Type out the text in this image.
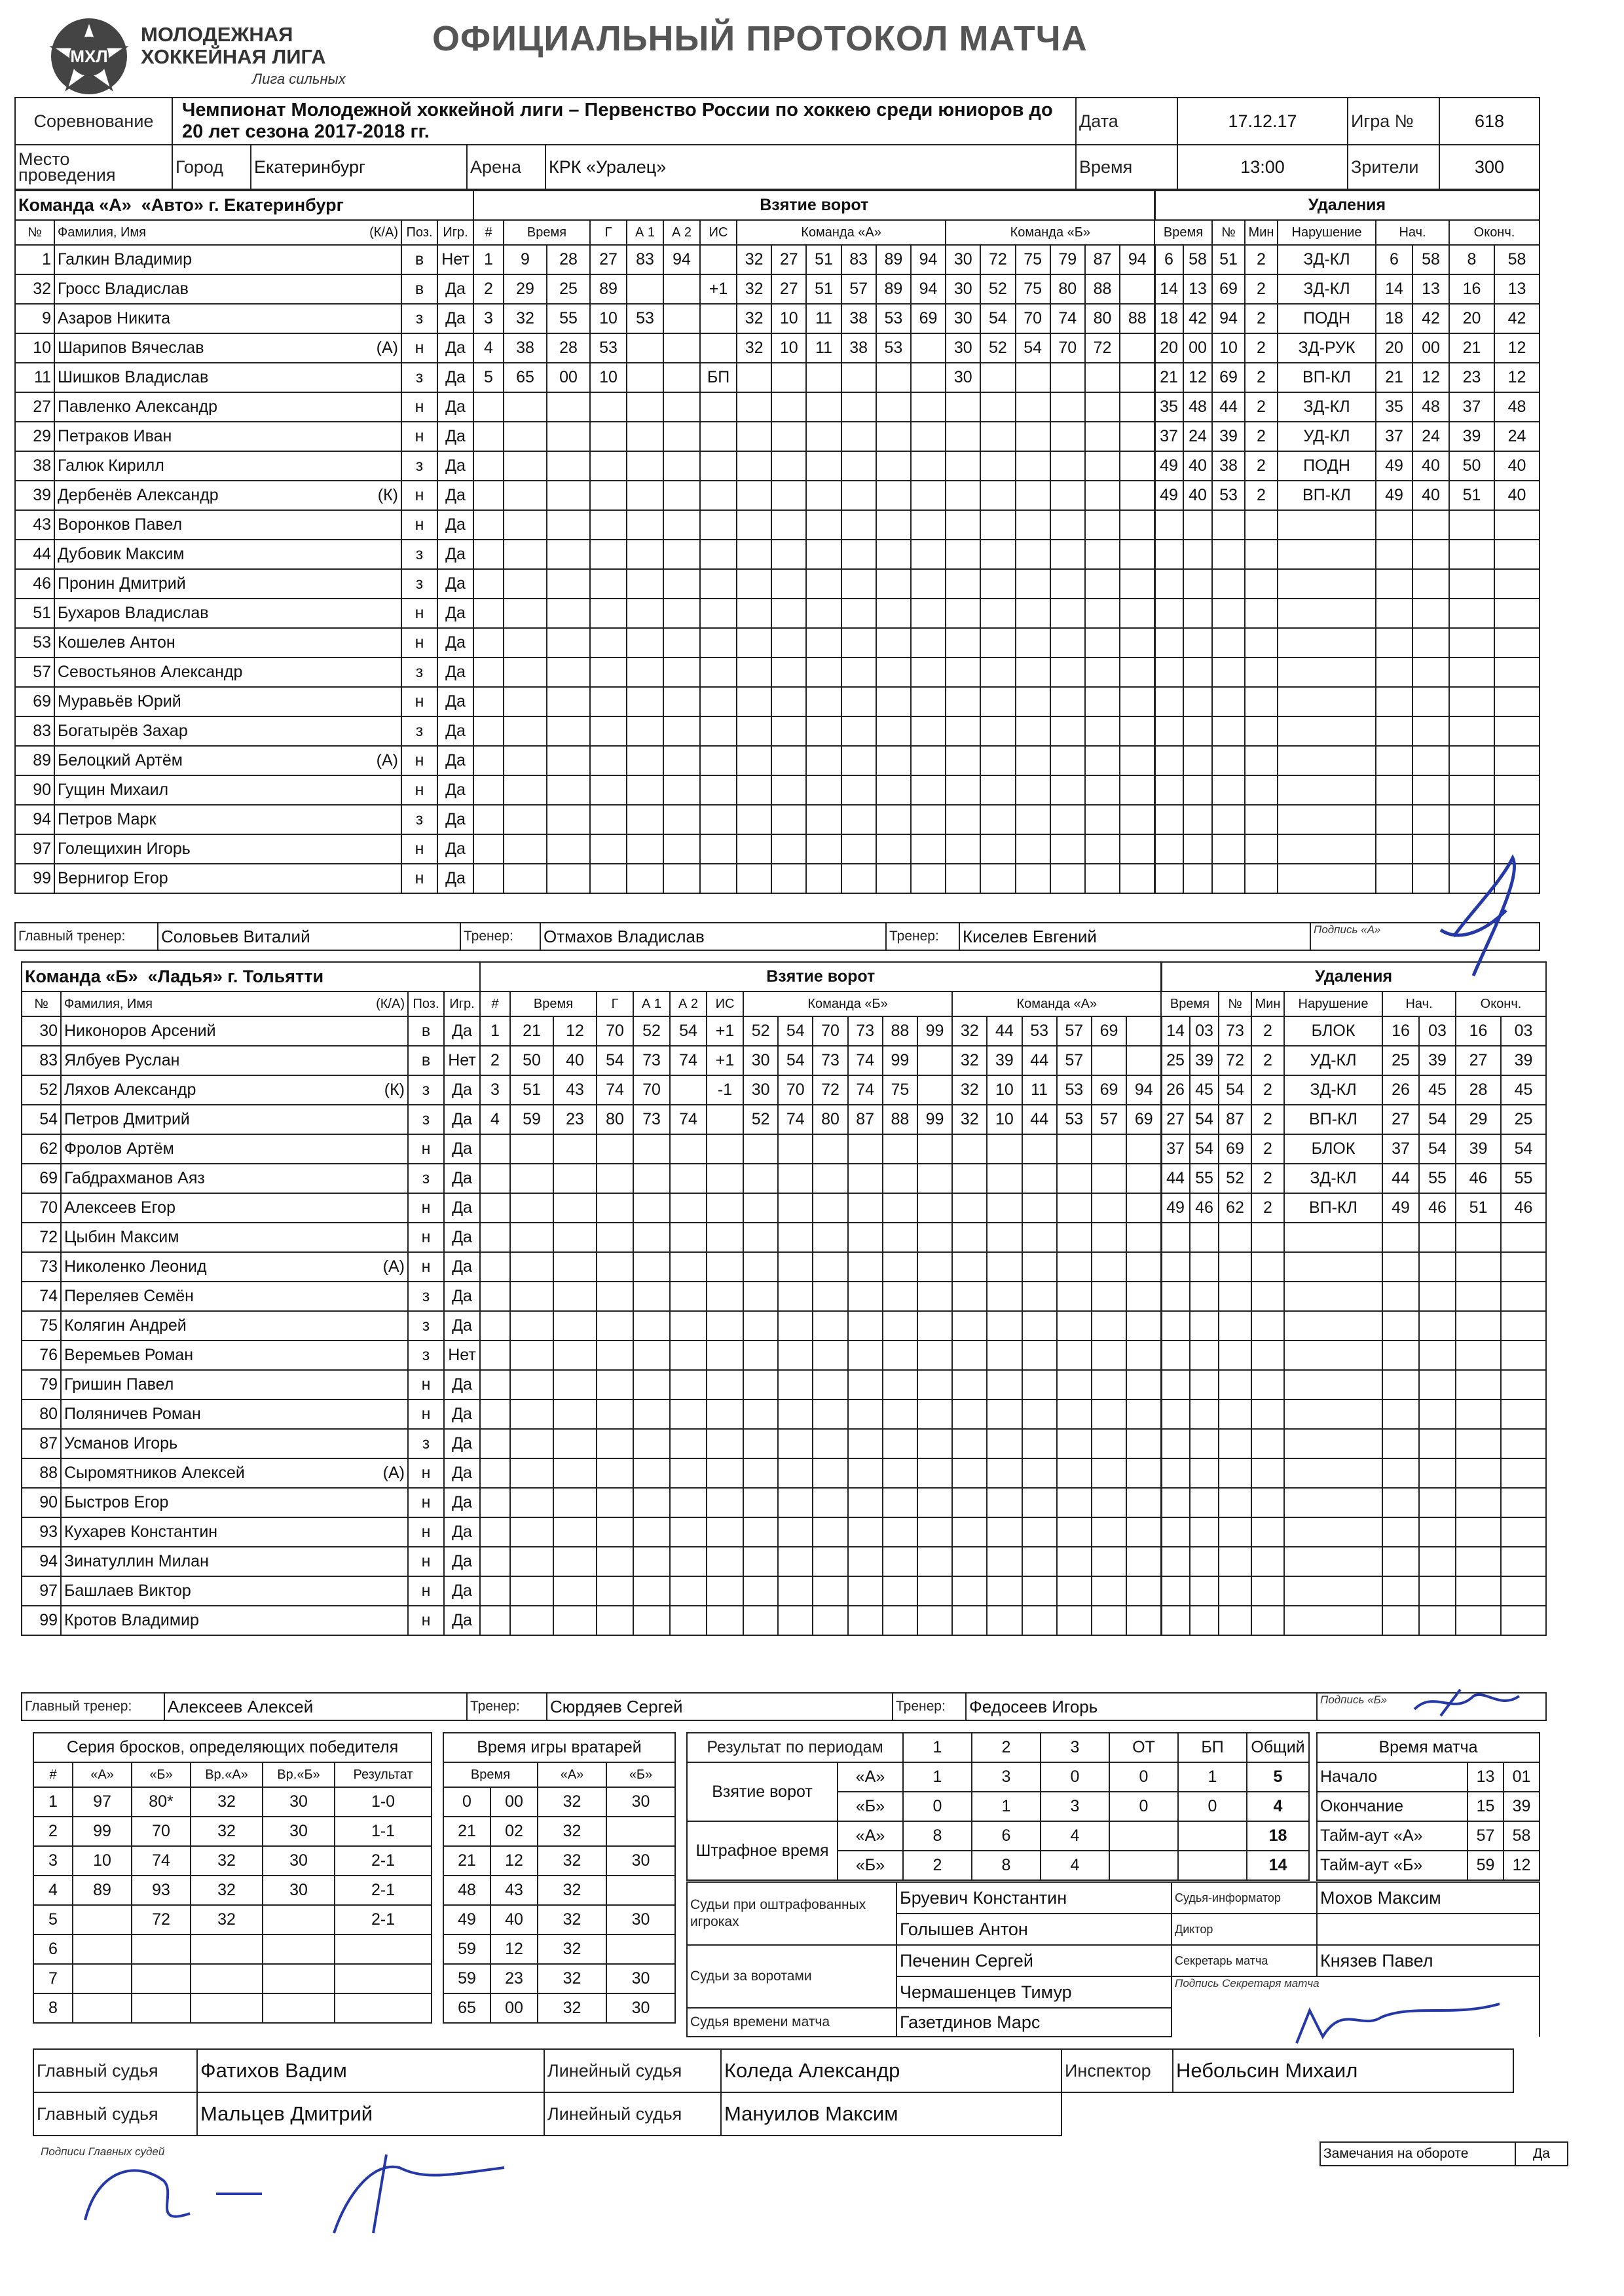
МХЛ
МОЛОДЕЖНАЯ
ХОККЕЙНАЯ ЛИГА
Лига сильных
ОФИЦИАЛЬНЫЙ ПРОТОКОЛ МАТЧА
Соревнование	Чемпионат Молодежной хоккейной лиги – Первенство России по хоккею среди юниоров до 20 лет сезона 2017-2018 гг.				Дата	17.12.17	Игра №	618
Место проведения	Город	Екатеринбург	Арена	КРК «Уралец»	Время	13:00	Зрители	300
Команда «А» «Авто» г. Екатеринбург			
№	Фамилия, Имя (К/А)	Поз.	Игр.
1	Галкин Владимир	в	Нет
32	Гросс Владислав	в	Да
9	Азаров Никита	з	Да
10	Шарипов Вячеслав (А)	н	Да
11	Шишков Владислав	з	Да
27	Павленко Александр	н	Да
29	Петраков Иван	н	Да
38	Галюк Кирилл	з	Да
39	Дербенёв Александр (К)	н	Да
43	Воронков Павел	н	Да
44	Дубовик Максим	з	Да
46	Пронин Дмитрий	з	Да
51	Бухаров Владислав	н	Да
53	Кошелев Антон	н	Да
57	Севостьянов Александр	з	Да
69	Муравьёв Юрий	н	Да
83	Богатырёв Захар	з	Да
89	Белоцкий Артём (А)	н	Да
90	Гущин Михаил	н	Да
94	Петров Марк	з	Да
97	Голещихин Игорь	н	Да
99	Вернигор Егор	н	Да
Взятие ворот																		
#	Время		Г	А 1	А 2	ИС	Команда «А»						Команда «Б»					
1	9	28	27	83	94		32	27	51	83	89	94	30	72	75	79	87	94
2	29	25	89			+1	32	27	51	57	89	94	30	52	75	80	88	
3	32	55	10	53			32	10	11	38	53	69	30	54	70	74	80	88
4	38	28	53				32	10	11	38	53		30	52	54	70	72	
5	65	00	10			БП							30					

Удаления								
Время		№	Мин	Нарушение	Нач.		Оконч.	
6	58	51	2	ЗД-КЛ	6	58	8	58
14	13	69	2	ЗД-КЛ	14	13	16	13
18	42	94	2	ПОДН	18	42	20	42
20	00	10	2	ЗД-РУК	20	00	21	12
21	12	69	2	ВП-КЛ	21	12	23	12
35	48	44	2	ЗД-КЛ	35	48	37	48
37	24	39	2	УД-КЛ	37	24	39	24
49	40	38	2	ПОДН	49	40	50	40
49	40	53	2	ВП-КЛ	49	40	51	40

Главный тренер:	Соловьев Виталий	Тренер:	Отмахов Владислав	Тренер:	Киселев Евгений	Подпись «А»
Команда «Б» «Ладья» г. Тольятти			
№	Фамилия, Имя (К/А)	Поз.	Игр.
30	Никоноров Арсений	в	Да
83	Ялбуев Руслан	в	Нет
52	Ляхов Александр (К)	з	Да
54	Петров Дмитрий	з	Да
62	Фролов Артём	н	Да
69	Габдрахманов Аяз	з	Да
70	Алексеев Егор	н	Да
72	Цыбин Максим	н	Да
73	Николенко Леонид (А)	н	Да
74	Переляев Семён	з	Да
75	Колягин Андрей	з	Да
76	Веремьев Роман	з	Нет
79	Гришин Павел	н	Да
80	Поляничев Роман	н	Да
87	Усманов Игорь	з	Да
88	Сыромятников Алексей (А)	н	Да
90	Быстров Егор	н	Да
93	Кухарев Константин	н	Да
94	Зинатуллин Милан	н	Да
97	Башлаев Виктор	н	Да
99	Кротов Владимир	н	Да
Взятие ворот																		
#	Время		Г	А 1	А 2	ИС	Команда «Б»						Команда «А»					
1	21	12	70	52	54	+1	52	54	70	73	88	99	32	44	53	57	69	
2	50	40	54	73	74	+1	30	54	73	74	99		32	39	44	57		
3	51	43	74	70		-1	30	70	72	74	75		32	10	11	53	69	94
4	59	23	80	73	74		52	74	80	87	88	99	32	10	44	53	57	69

Удаления								
Время		№	Мин	Нарушение	Нач.		Оконч.	
14	03	73	2	БЛОК	16	03	16	03
25	39	72	2	УД-КЛ	25	39	27	39
26	45	54	2	ЗД-КЛ	26	45	28	45
27	54	87	2	ВП-КЛ	27	54	29	25
37	54	69	2	БЛОК	37	54	39	54
44	55	52	2	ЗД-КЛ	44	55	46	55
49	46	62	2	ВП-КЛ	49	46	51	46

Главный тренер:	Алексеев Алексей	Тренер:	Сюрдяев Сергей	Тренер:	Федосеев Игорь	Подпись «Б»
Серия бросков, определяющих победителя					
#	«А»	«Б»	Вр.«А»	Вр.«Б»	Результат
1	97	80*	32	30	1-0
2	99	70	32	30	1-1
3	10	74	32	30	2-1
4	89	93	32	30	2-1
5		72	32		2-1
6					
7					
8					
Время игры вратарей			
Время		«А»	«Б»
0	00	32	30
21	02	32	
21	12	32	30
48	43	32	
49	40	32	30
59	12	32	
59	23	32	30
65	00	32	30
Результат по периодам		1	2	3	ОТ	БП	Общий
Взятие ворот	«А»	1	3	0	0	1	5
	«Б»	0	1	3	0	0	4
Штрафное время	«А»	8	6	4			18
	«Б»	2	8	4			14
Время матча		
Начало	13	01
Окончание	15	39
Тайм-аут «А»	57	58
Тайм-аут «Б»	59	12
Судьи при оштрафованных игроках	Бруевич Константин	Судья-информатор	Мохов Максим
	Голышев Антон	Диктор	
Судьи за воротами	Печенин Сергей	Секретарь матча	Князев Павел
	Чермашенцев Тимур	Подпись Секретаря матча	
Судья времени матча	Газетдинов Марс		
Главный судья	Фатихов Вадим	Линейный судья	Коледа Александр	Инспектор	Небольсин Михаил
Главный судья	Мальцев Дмитрий	Линейный судья	Мануилов Максим		
Подписи Главных судей	Замечания на обороте	Да
